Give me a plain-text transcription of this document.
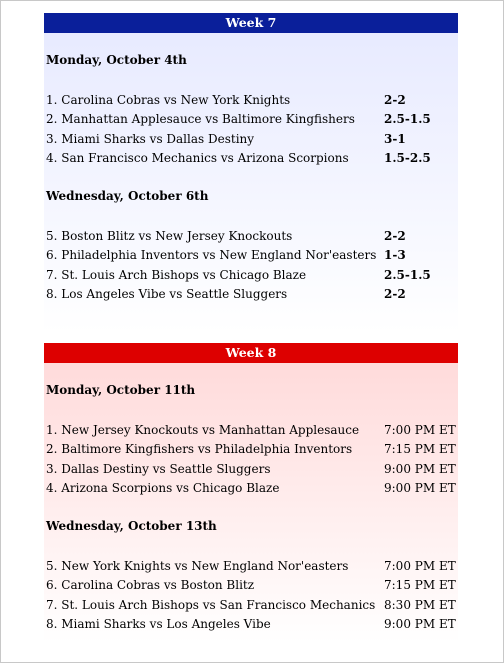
Week 7
Monday, October 4th
1. Carolina Cobras vs New York Knights	2-2
2. Manhattan Applesauce vs Baltimore Kingfishers 2.5-1.5
3. Miami Sharks vs Dallas Destiny	3-1
4. San Francisco Mechanics vs Arizona Scorpions	1.5-2.5
Wednesday, October 6th
5. Boston Blitz vs New Jersey Knockouts	2-2
6. Philadelphia Inventors vs New England Nor'easters 1-3
7. St. Louis Arch Bishops vs Chicago Blaze	2.5-1.5
8. Los Angeles Vibe vs Seattle Sluggers	2-2
Week 8
Monday, October 11th
1. New Jersey Knockouts vs Manhattan Applesauce 7:00 PM ET
2. Baltimore Kingfishers vs Philadelphia Inventors	7:15 PM ET
3. Dallas Destiny vs Seattle Sluggers	9:00 PM ET
4. Arizona Scorpions vs Chicago Blaze	9:00 PM ET
Wednesday, October 13th
5. New York Knights vs New England Nor'easters	7:00 PM ET
6. Carolina Cobras vs Boston Blitz	7:15 PM ET
7. St. Louis Arch Bishops vs San Francisco Mechanics 8:30 PM ET
8. Miami Sharks vs Los Angeles Vibe	9:00 PM ET
